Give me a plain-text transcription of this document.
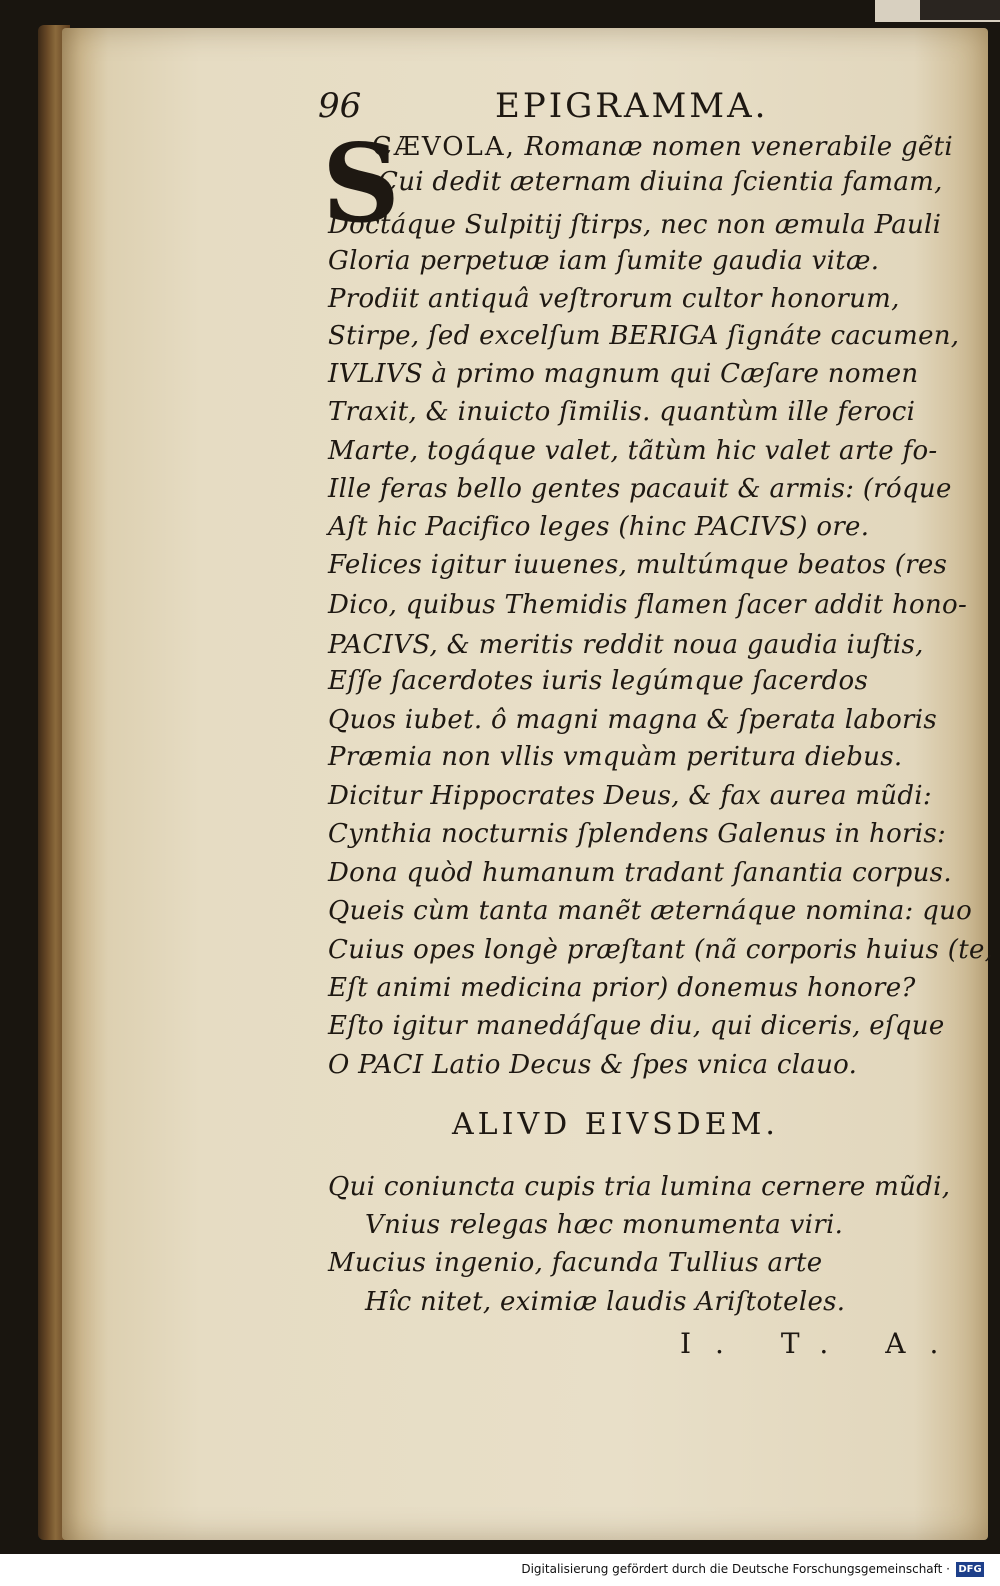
96	EPIGRAMMA.
S
CÆVOLA, Romanæ nomen venerabile gẽti
Cui dedit æternam diuina ſcientia famam,
Doctáque Sulpitij ſtirps, nec non æmula Pauli
Gloria perpetuæ iam ſumite gaudia vitæ.
Prodiit antiquâ veſtrorum cultor honorum,
Stirpe, ſed excelſum BERIGA ſignáte cacumen,
IVLIVS à primo magnum qui Cæſare nomen
Traxit, & inuicto ſimilis. quantùm ille feroci
Marte, togáque valet, tãtùm hic valet arte fo-
Ille feras bello gentes pacauit & armis: (róque
Aſt hic Pacifico leges (hinc PACIVS) ore.
Felices igitur iuuenes, multúmque beatos (res
Dico, quibus Themidis flamen ſacer addit hono-
PACIVS, & meritis reddit noua gaudia iuſtis,
Eſſe ſacerdotes iuris legúmque ſacerdos
Quos iubet. ô magni magna & ſperata laboris
Præmia non vllis vmquàm peritura diebus.
Dicitur Hippocrates Deus, & fax aurea mũdi:
Cynthia nocturnis ſplendens Galenus in horis:
Dona quòd humanum tradant ſanantia corpus.
Queis cùm tanta manẽt æternáque nomina: quo
Cuius opes longè præſtant (nã corporis huius (te,
Eſt animi medicina prior) donemus honore?
Eſto igitur manedáſque diu, qui diceris, eſque
O PACI Latio Decus & ſpes vnica clauo.
ALIVD EIVSDEM.
Qui coniuncta cupis tria lumina cernere mũdi,
Vnius relegas hæc monumenta viri.
Mucius ingenio, facunda Tullius arte
Hîc nitet, eximiæ laudis Ariſtoteles.
I. T. A.
Digitalisierung gefördert durch die Deutsche Forschungsgemeinschaft · DFG
